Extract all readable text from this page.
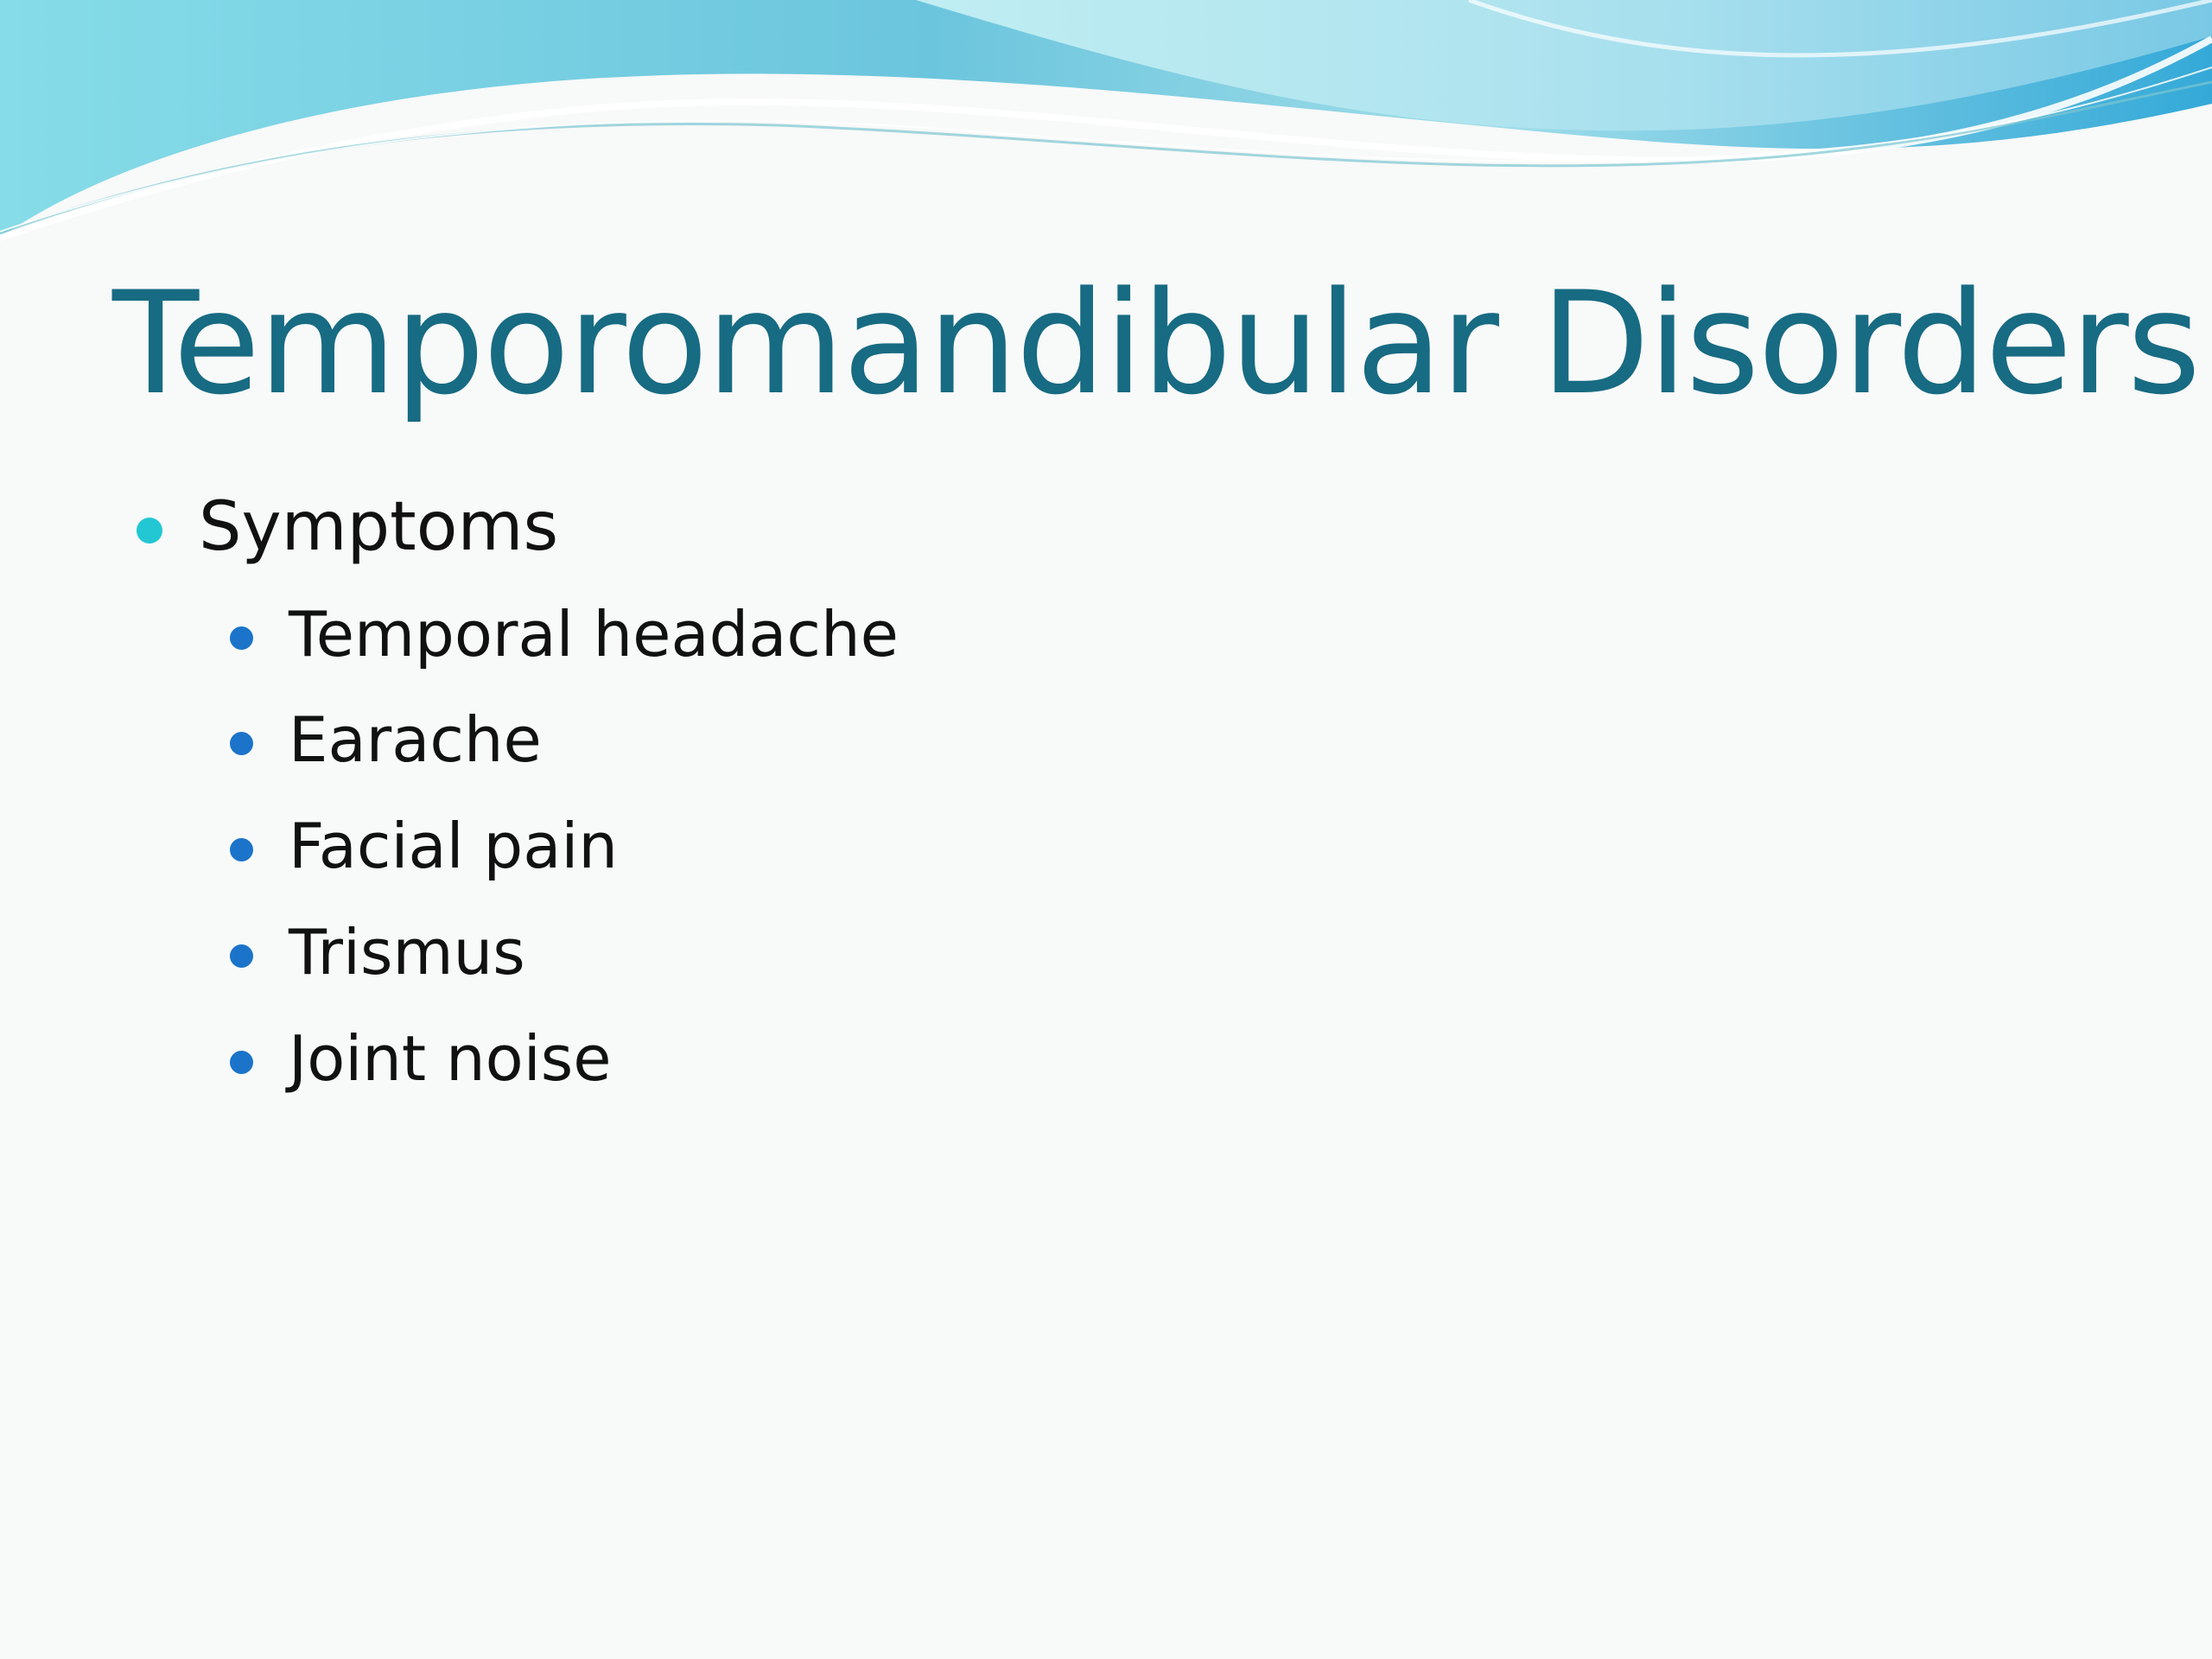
Temporomandibular Disorders
Symptoms
Temporal headache
Earache
Facial pain
Trismus
Joint noise
